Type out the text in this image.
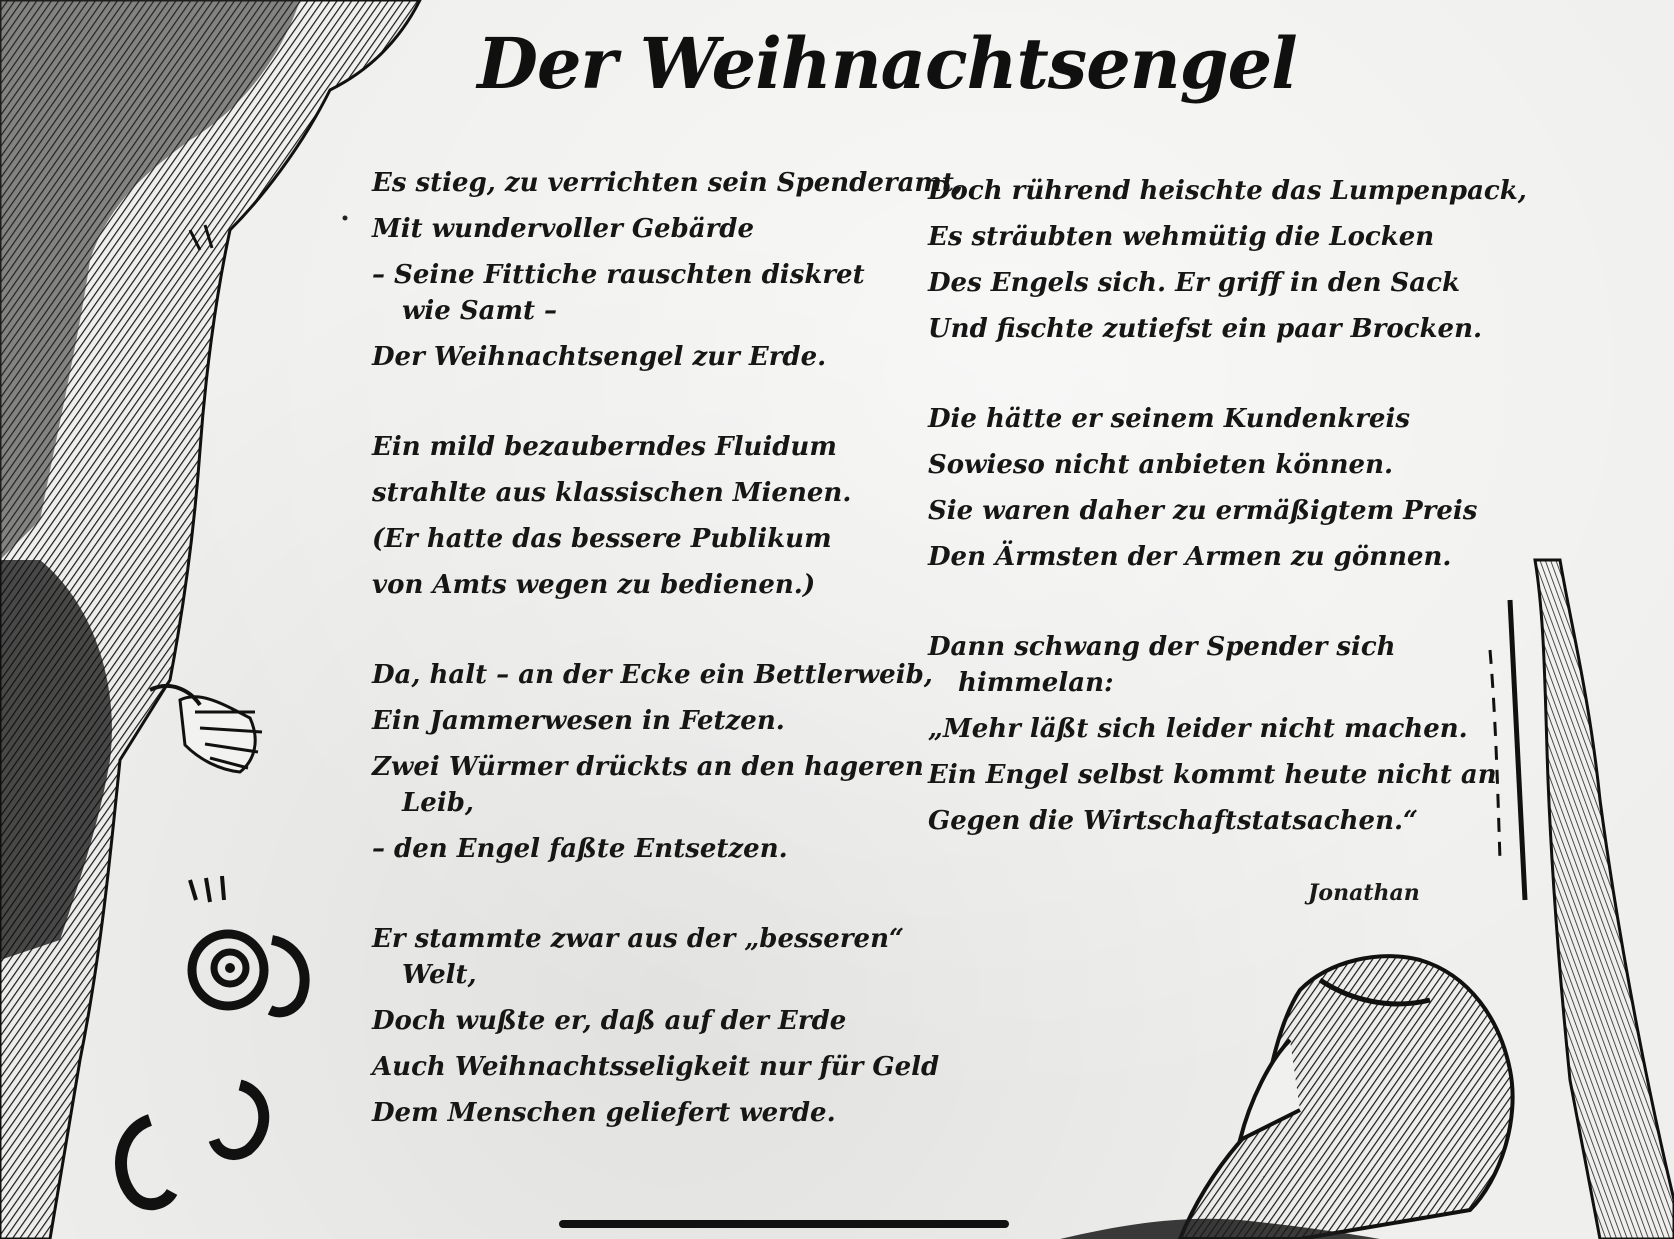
Der Weihnachtsengel
Es stieg, zu verrichten sein Spenderamt,
Mit wundervoller Gebärde
– Seine Fittiche rauschten diskret
wie Samt –
Der Weihnachtsengel zur Erde.
Ein mild bezauberndes Fluidum
strahlte aus klassischen Mienen.
(Er hatte das bessere Publikum
von Amts wegen zu bedienen.)
Da, halt – an der Ecke ein Bettlerweib,
Ein Jammerwesen in Fetzen.
Zwei Würmer drückts an den hageren
Leib,
– den Engel faßte Entsetzen.
Er stammte zwar aus der „besseren“
Welt,
Doch wußte er, daß auf der Erde
Auch Weihnachtsseligkeit nur für Geld
Dem Menschen geliefert werde.
Doch rührend heischte das Lumpenpack,
Es sträubten wehmütig die Locken
Des Engels sich. Er griff in den Sack
Und fischte zutiefst ein paar Brocken.
Die hätte er seinem Kundenkreis
Sowieso nicht anbieten können.
Sie waren daher zu ermäßigtem Preis
Den Ärmsten der Armen zu gönnen.
Dann schwang der Spender sich
himmelan:
„Mehr läßt sich leider nicht machen.
Ein Engel selbst kommt heute nicht an
Gegen die Wirtschaftstatsachen.“
Jonathan
